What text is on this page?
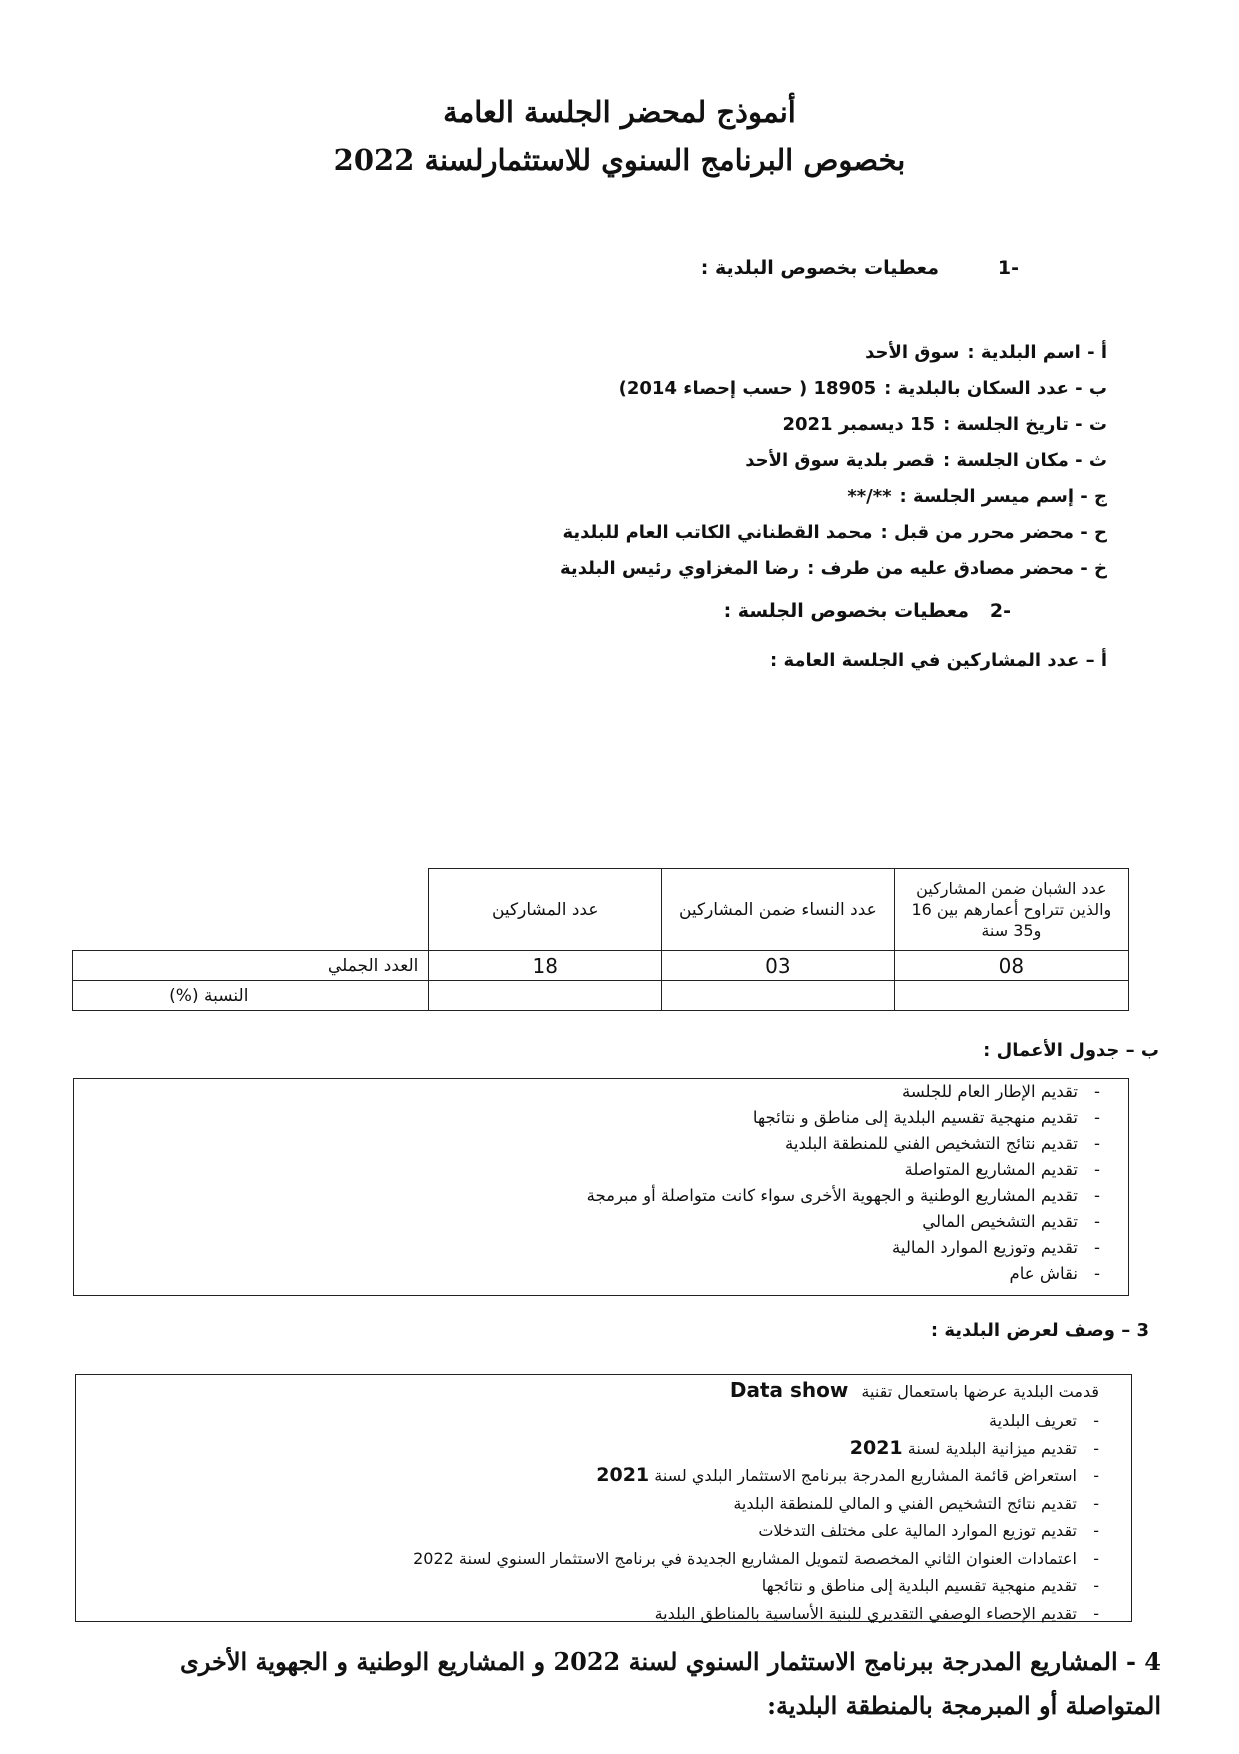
أنموذج لمحضر الجلسة العامة
بخصوص البرنامج السنوي للاستثمارلسنة 2022
-1
معطيات بخصوص البلدية :
أ - اسم البلدية :سوق الأحد
ب - عدد السكان بالبلدية :18905 ( حسب إحصاء 2014)
ت - تاريخ الجلسة :15 ديسمبر 2021
ث - مكان الجلسة :قصر بلدية سوق الأحد
ج - إسم ميسر الجلسة :**/**
ح - محضر محرر من قبل :محمد القطناني الكاتب العام للبلدية
خ - محضر مصادق عليه من طرف :رضا المغزاوي رئيس البلدية
-2
معطيات بخصوص الجلسة :
أ – عدد المشاركين في الجلسة العامة :
عدد الشبان ضمن المشاركين والذين تتراوح أعمارهم بين 16 و35 سنة	عدد النساء ضمن المشاركين	عدد المشاركين	
08	03	18	العدد الجملي
			النسبة (%)
ب – جدول الأعمال :
-تقديم الإطار العام للجلسة
-تقديم منهجية تقسيم البلدية إلى مناطق و نتائجها
-تقديم نتائج التشخيص الفني للمنطقة البلدية
-تقديم المشاريع المتواصلة
-تقديم المشاريع الوطنية و الجهوية الأخرى سواء كانت متواصلة أو مبرمجة
-تقديم التشخيص المالي
-تقديم وتوزيع الموارد المالية
-نقاش عام
3 – وصف لعرض البلدية :
قدمت البلدية عرضها باستعمال تقنية Data show
-تعريف البلدية
-تقديم ميزانية البلدية لسنة 2021
-استعراض قائمة المشاريع المدرجة ببرنامج الاستثمار البلدي لسنة 2021
-تقديم نتائج التشخيص الفني و المالي للمنطقة البلدية
-تقديم توزيع الموارد المالية على مختلف التدخلات
-اعتمادات العنوان الثاني المخصصة لتمويل المشاريع الجديدة في برنامج الاستثمار السنوي لسنة 2022
-تقديم منهجية تقسيم البلدية إلى مناطق و نتائجها
-تقديم الإحصاء الوصفي التقديري للبنية الأساسية بالمناطق البلدية
4 - المشاريع المدرجة ببرنامج الاستثمار السنوي لسنة 2022 و المشاريع الوطنية و الجهوية الأخرى المتواصلة أو المبرمجة بالمنطقة البلدية:
